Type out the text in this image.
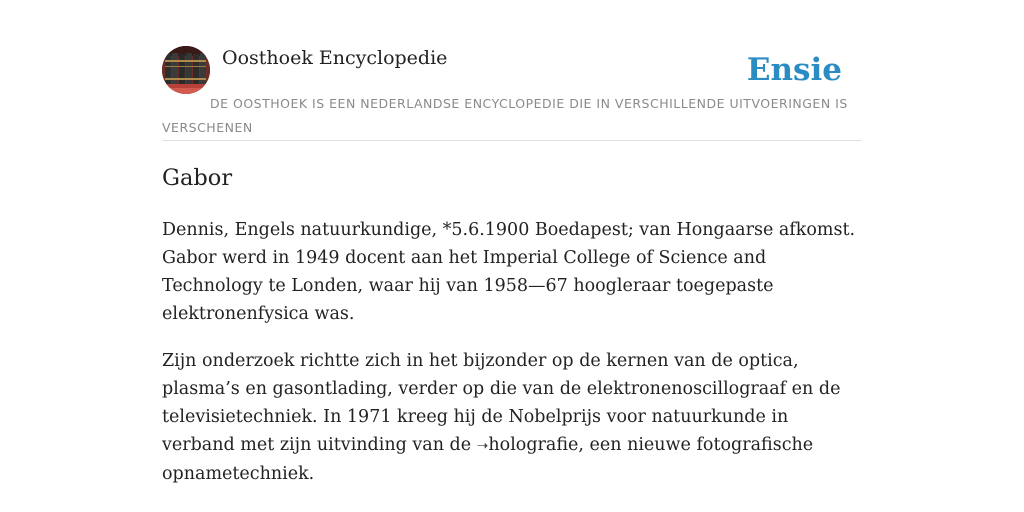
Oosthoek Encyclopedie	Ensie

DE OOSTHOEK IS EEN NEDERLANDSE ENCYCLOPEDIE DIE IN VERSCHILLENDE UITVOERINGEN IS VERSCHENEN

Gabor

Dennis, Engels natuurkundige, *5.6.1900 Boedapest; van Hongaarse afkomst. Gabor werd in 1949 docent aan het Imperial College of Science and Technology te Londen, waar hij van 1958—67 hoogleraar toegepaste elektronenfysica was.

Zijn onderzoek richtte zich in het bijzonder op de kernen van de optica, plasma’s en gasontlading, verder op die van de elektronenoscillograaf en de televisietechniek. In 1971 kreeg hij de Nobelprijs voor natuurkunde in verband met zijn uitvinding van de ➝holografie, een nieuwe fotografische opnametechniek.
